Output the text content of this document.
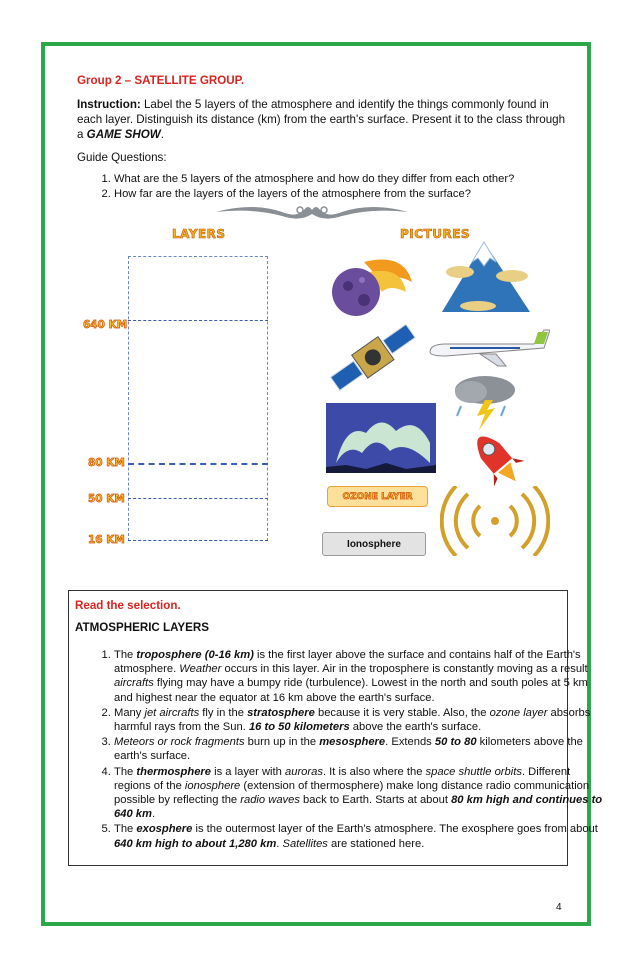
Group 2 – SATELLITE GROUP.
Instruction: Label the 5 layers of the atmosphere and identify the things commonly found in
each layer. Distinguish its distance (km) from the earth's surface. Present it to the class through
a GAME SHOW.
Guide Questions:
1. What are the 5 layers of the atmosphere and how do they differ from each other?
2. How far are the layers of the layers of the atmosphere from the surface?
LAYERS	PICTURES
640 KM
80 KM
50 KM
16 KM
OZONE LAYER
Ionosphere
Read the selection.
ATMOSPHERIC LAYERS
1. The troposphere (0-16 km) is the first layer above the surface and contains half of the Earth's atmosphere. Weather occurs in this layer. Air in the troposphere is constantly moving as a result aircrafts flying may have a bumpy ride (turbulence). Lowest in the north and south poles at 5 km and highest near the equator at 16 km above the earth's surface.
2. Many jet aircrafts fly in the stratosphere because it is very stable. Also, the ozone layer absorbs harmful rays from the Sun. 16 to 50 kilometers above the earth's surface.
3. Meteors or rock fragments burn up in the mesosphere. Extends 50 to 80 kilometers above the earth's surface.
4. The thermosphere is a layer with auroras. It is also where the space shuttle orbits. Different regions of the ionosphere (extension of thermosphere) make long distance radio communication possible by reflecting the radio waves back to Earth. Starts at about 80 km high and continues to 640 km.
5. The exosphere is the outermost layer of the Earth's atmosphere. The exosphere goes from about 640 km high to about 1,280 km. Satellites are stationed here.
4
